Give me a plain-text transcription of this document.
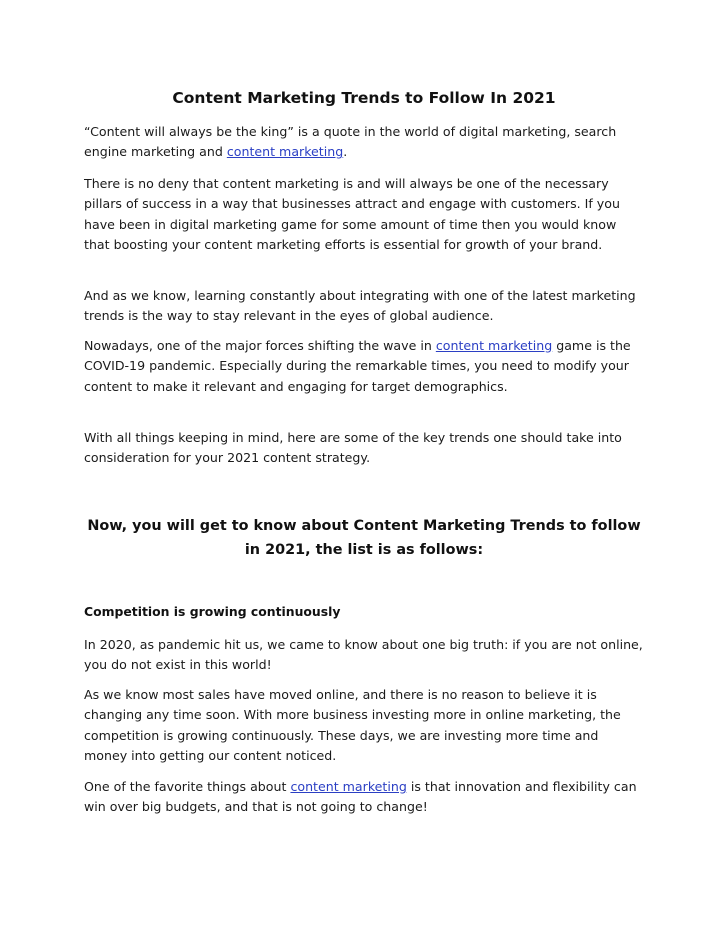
Content Marketing Trends to Follow In 2021

“Content will always be the king” is a quote in the world of digital marketing, search engine marketing and content marketing.

There is no deny that content marketing is and will always be one of the necessary pillars of success in a way that businesses attract and engage with customers. If you have been in digital marketing game for some amount of time then you would know that boosting your content marketing efforts is essential for growth of your brand.

And as we know, learning constantly about integrating with one of the latest marketing trends is the way to stay relevant in the eyes of global audience.

Nowadays, one of the major forces shifting the wave in content marketing game is the COVID-19 pandemic. Especially during the remarkable times, you need to modify your content to make it relevant and engaging for target demographics.

With all things keeping in mind, here are some of the key trends one should take into consideration for your 2021 content strategy.

Now, you will get to know about Content Marketing Trends to follow in 2021, the list is as follows:
Competition is growing continuously

In 2020, as pandemic hit us, we came to know about one big truth: if you are not online, you do not exist in this world!

As we know most sales have moved online, and there is no reason to believe it is changing any time soon. With more business investing more in online marketing, the competition is growing continuously. These days, we are investing more time and money into getting our content noticed.

One of the favorite things about content marketing is that innovation and flexibility can win over big budgets, and that is not going to change!
